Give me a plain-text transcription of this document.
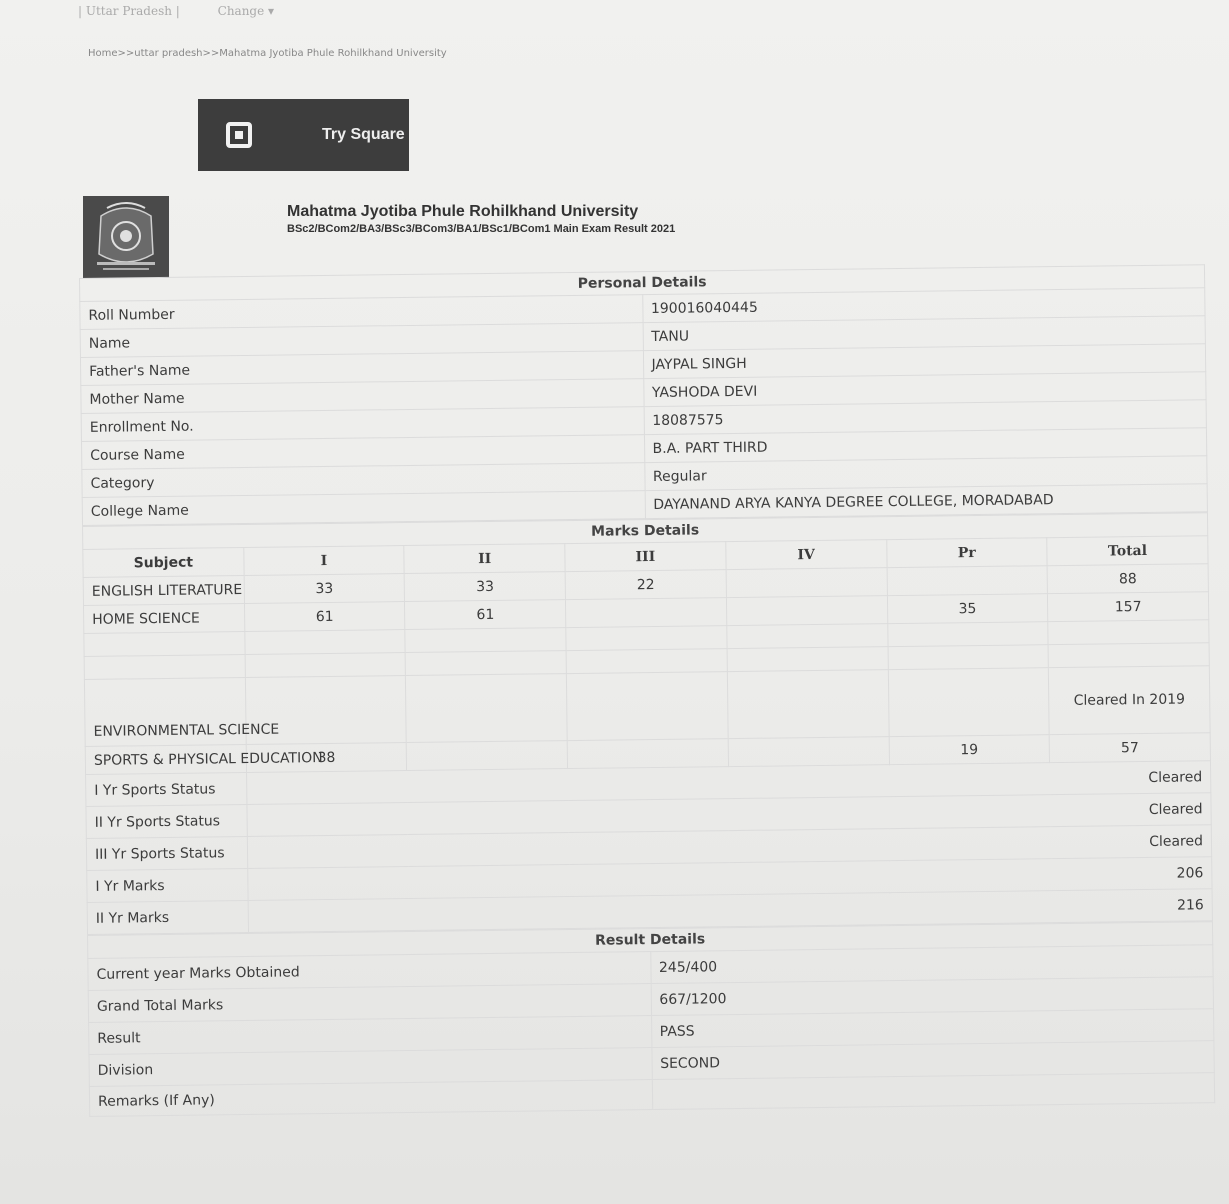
| Uttar Pradesh |	Change ▾
Home>>uttar pradesh>>Mahatma Jyotiba Phule Rohilkhand University
Try Square
Mahatma Jyotiba Phule Rohilkhand University
BSc2/BCom2/BA3/BSc3/BCom3/BA1/BSc1/BCom1 Main Exam Result 2021
Personal Details	
Roll Number	190016040445
Name	TANU
Father's Name	JAYPAL SINGH
Mother Name	YASHODA DEVI
Enrollment No.	18087575
Course Name	B.A. PART THIRD
Category	Regular
College Name	DAYANAND ARYA KANYA DEGREE COLLEGE, MORADABAD
Marks Details						
Subject	I	II	III	IV	Pr	Total
ENGLISH LITERATURE	33	33	22			88
HOME SCIENCE	61	61			35	157

ENVIRONMENTAL SCIENCE						Cleared In 2019
SPORTS & PHYSICAL EDUCATION	38				19	57
I Yr Sports Status	Cleared					
II Yr Sports Status	Cleared					
III Yr Sports Status	Cleared					
I Yr Marks	206					
II Yr Marks	216					
Result Details	
Current year Marks Obtained	245/400
Grand Total Marks	667/1200
Result	PASS
Division	SECOND
Remarks (If Any)	
